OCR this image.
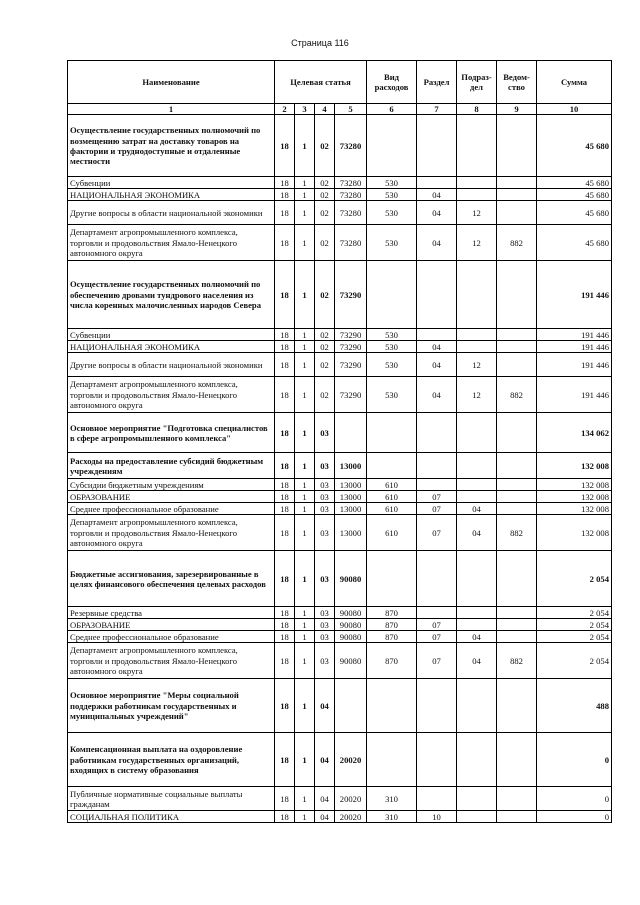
Страница 116
Наименование	Целевая статья				Вид расходов	Раздел	Подраз-дел	Ведом-ство	Сумма
1	2	3	4	5	6	7	8	9	10
Осуществление государственных полномочий по возмещению затрат на доставку товаров на фактории и труднодоступные и отдаленные местности	18	1	02	73280					45 680
Субвенции	18	1	02	73280	530				45 680
НАЦИОНАЛЬНАЯ ЭКОНОМИКА	18	1	02	73280	530	04			45 680
Другие вопросы в области национальной экономики	18	1	02	73280	530	04	12		45 680
Департамент агропромышленного комплекса, торговли и продовольствия Ямало-Ненецкого автономного округа	18	1	02	73280	530	04	12	882	45 680
Осуществление государственных полномочий по обеспечению дровами тундрового населения из числа коренных малочисленных народов Севера	18	1	02	73290					191 446
Субвенции	18	1	02	73290	530				191 446
НАЦИОНАЛЬНАЯ ЭКОНОМИКА	18	1	02	73290	530	04			191 446
Другие вопросы в области национальной экономики	18	1	02	73290	530	04	12		191 446
Департамент агропромышленного комплекса, торговли и продовольствия Ямало-Ненецкого автономного округа	18	1	02	73290	530	04	12	882	191 446
Основное мероприятие "Подготовка специалистов в сфере агропромышленного комплекса"	18	1	03						134 062
Расходы на предоставление субсидий бюджетным учреждениям	18	1	03	13000					132 008
Субсидии бюджетным учреждениям	18	1	03	13000	610				132 008
ОБРАЗОВАНИЕ	18	1	03	13000	610	07			132 008
Среднее профессиональное образование	18	1	03	13000	610	07	04		132 008
Департамент агропромышленного комплекса, торговли и продовольствия Ямало-Ненецкого автономного округа	18	1	03	13000	610	07	04	882	132 008
Бюджетные ассигнования, зарезервированные в целях финансового обеспечения целевых расходов	18	1	03	90080					2 054
Резервные средства	18	1	03	90080	870				2 054
ОБРАЗОВАНИЕ	18	1	03	90080	870	07			2 054
Среднее профессиональное образование	18	1	03	90080	870	07	04		2 054
Департамент агропромышленного комплекса, торговли и продовольствия Ямало-Ненецкого автономного округа	18	1	03	90080	870	07	04	882	2 054
Основное мероприятие "Меры социальной поддержки работникам государственных и муниципальных учреждений"	18	1	04						488
Компенсационная выплата на оздоровление работникам государственных организаций, входящих в систему образования	18	1	04	20020					0
Публичные нормативные социальные выплаты гражданам	18	1	04	20020	310				0
СОЦИАЛЬНАЯ ПОЛИТИКА	18	1	04	20020	310	10			0
